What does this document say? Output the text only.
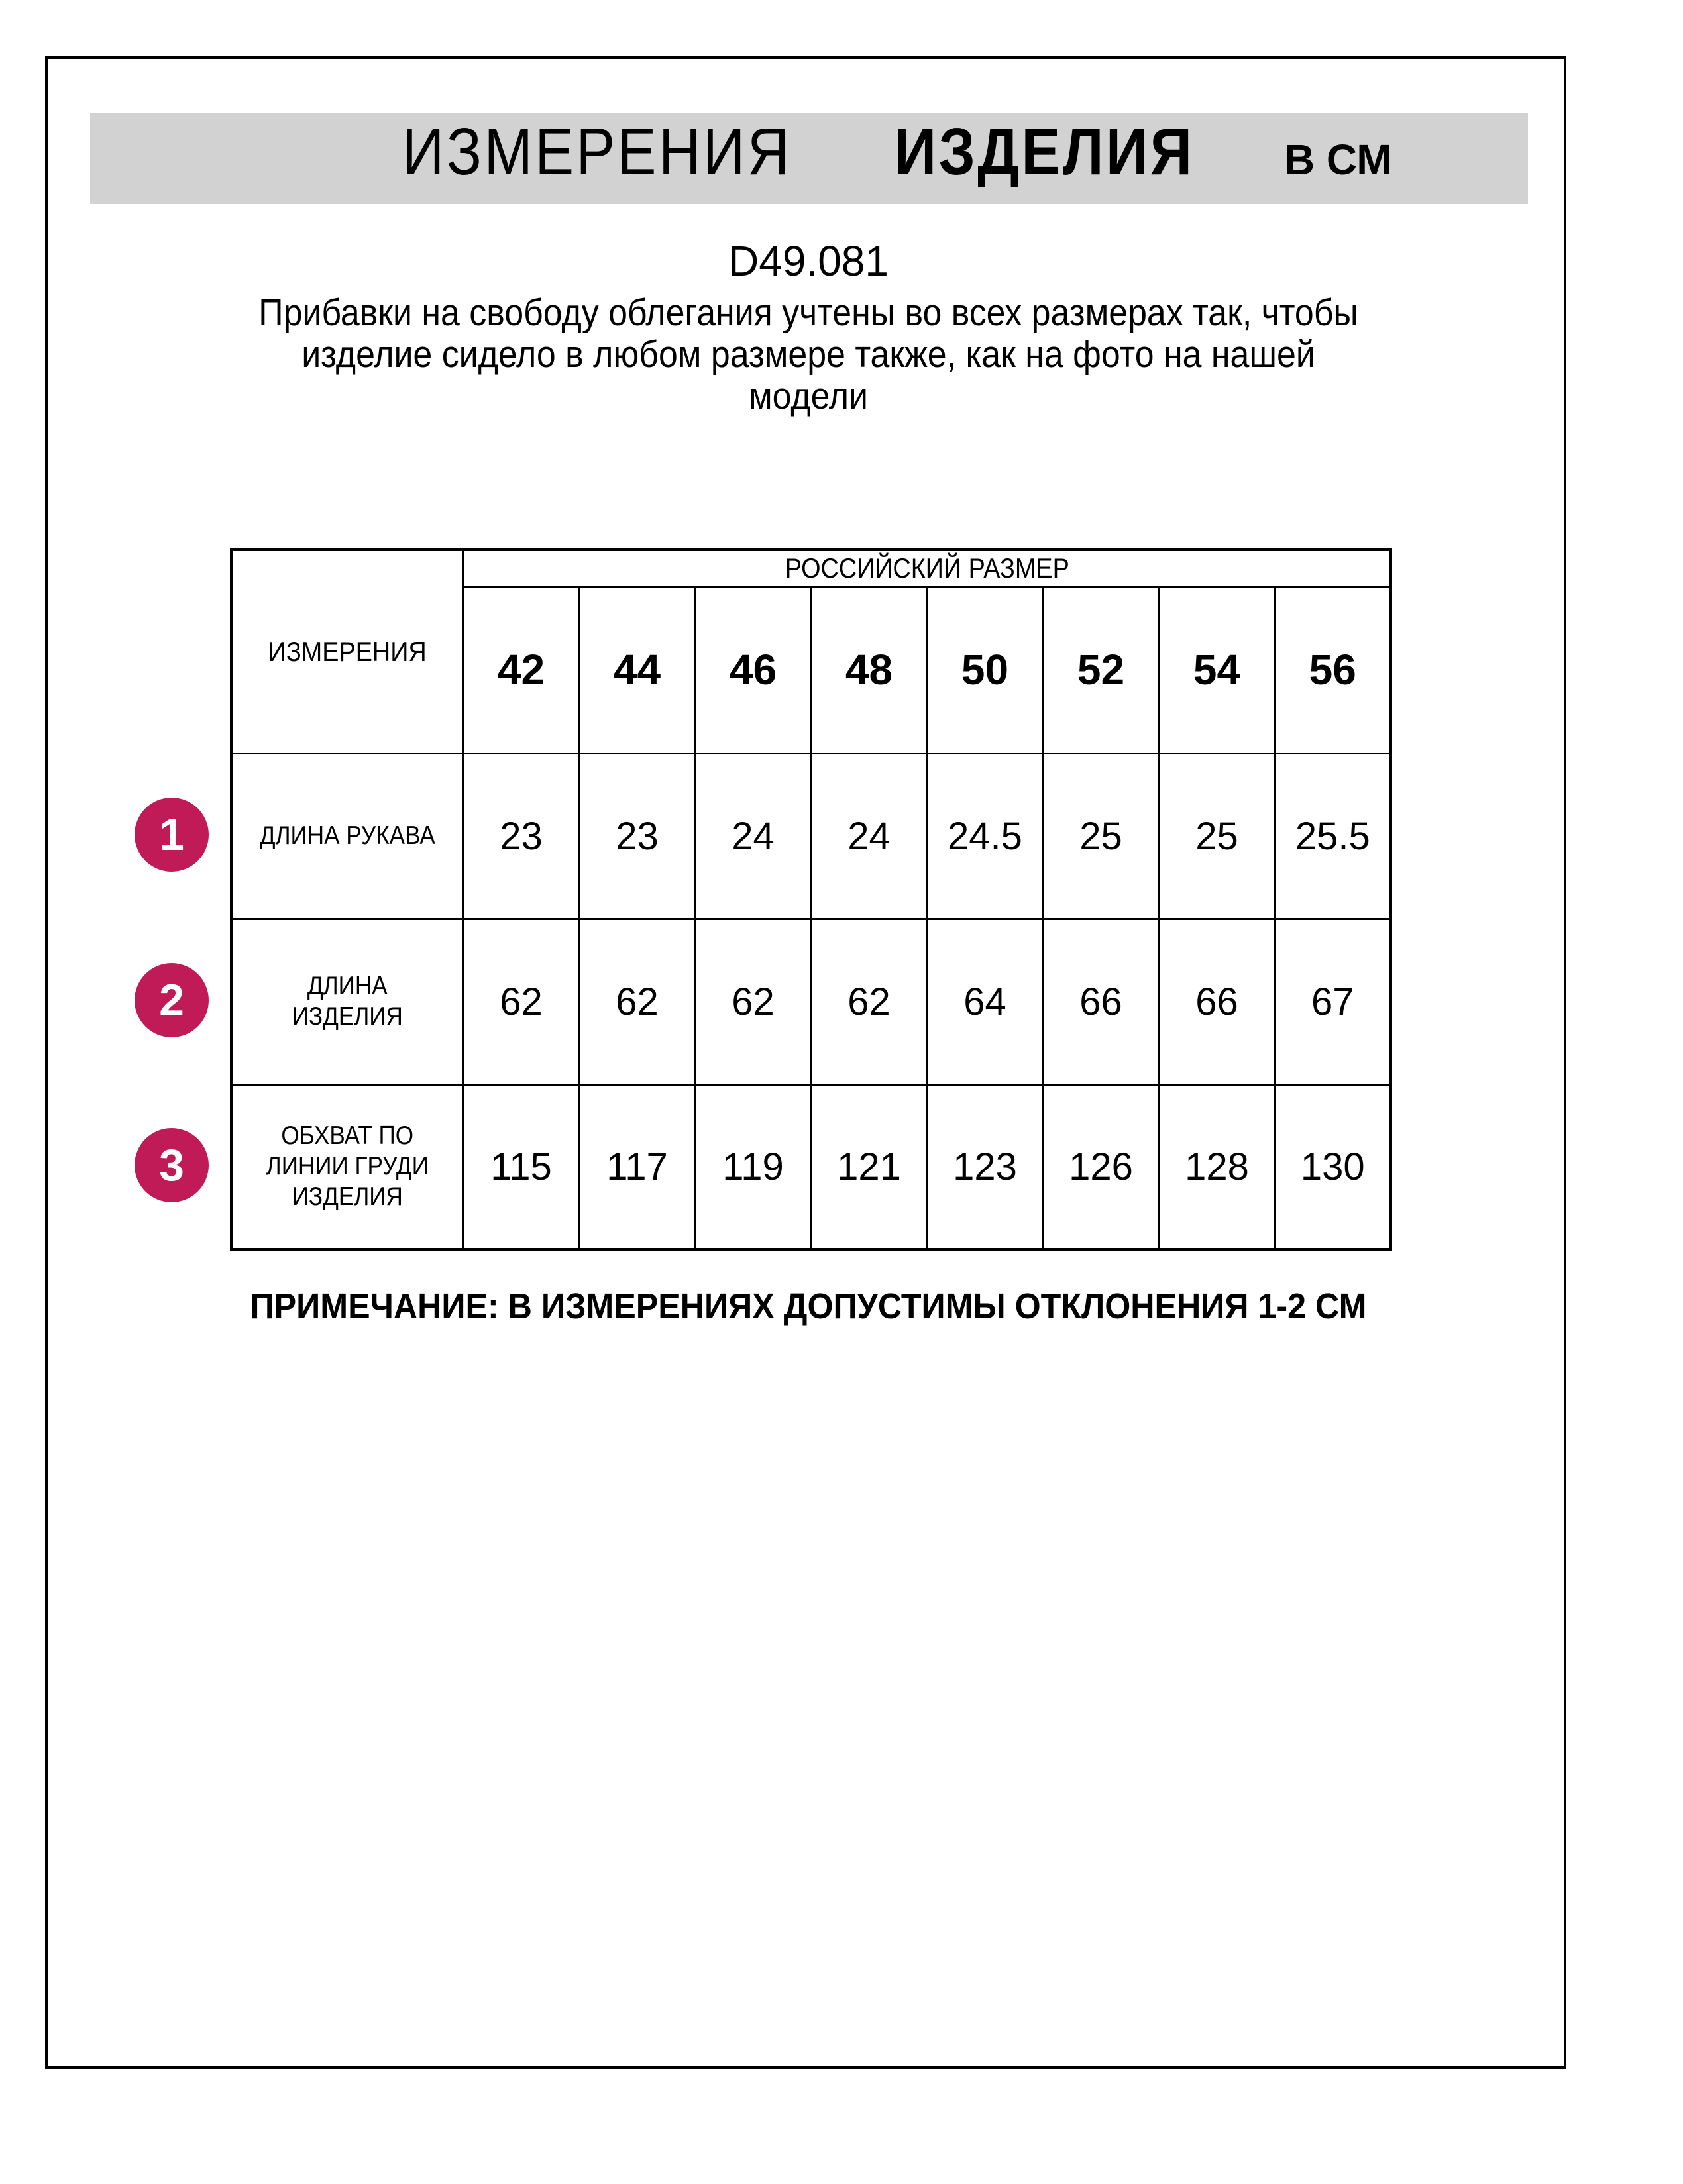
ИЗМЕРЕНИЯ ИЗДЕЛИЯ В СМ
D49.081
Прибавки на свободу облегания учтены во всех размерах так, чтобы
изделие сидело в любом размере также, как на фото на нашей
модели
ИЗМЕРЕНИЯ	РОССИЙСКИЙ РАЗМЕР							

	42	44	46	48	50	52	54	56

ДЛИНА РУКАВА	23	23	24	24	24.5	25	25	25.5

ДЛИНА
ИЗДЕЛИЯ	62	62	62	62	64	66	66	67

ОБХВАТ ПО
ЛИНИИ ГРУДИ
ИЗДЕЛИЯ	115	117	119	121	123	126	128	130
1
2
3
ПРИМЕЧАНИЕ: В ИЗМЕРЕНИЯХ ДОПУСТИМЫ ОТКЛОНЕНИЯ 1-2 СМ
